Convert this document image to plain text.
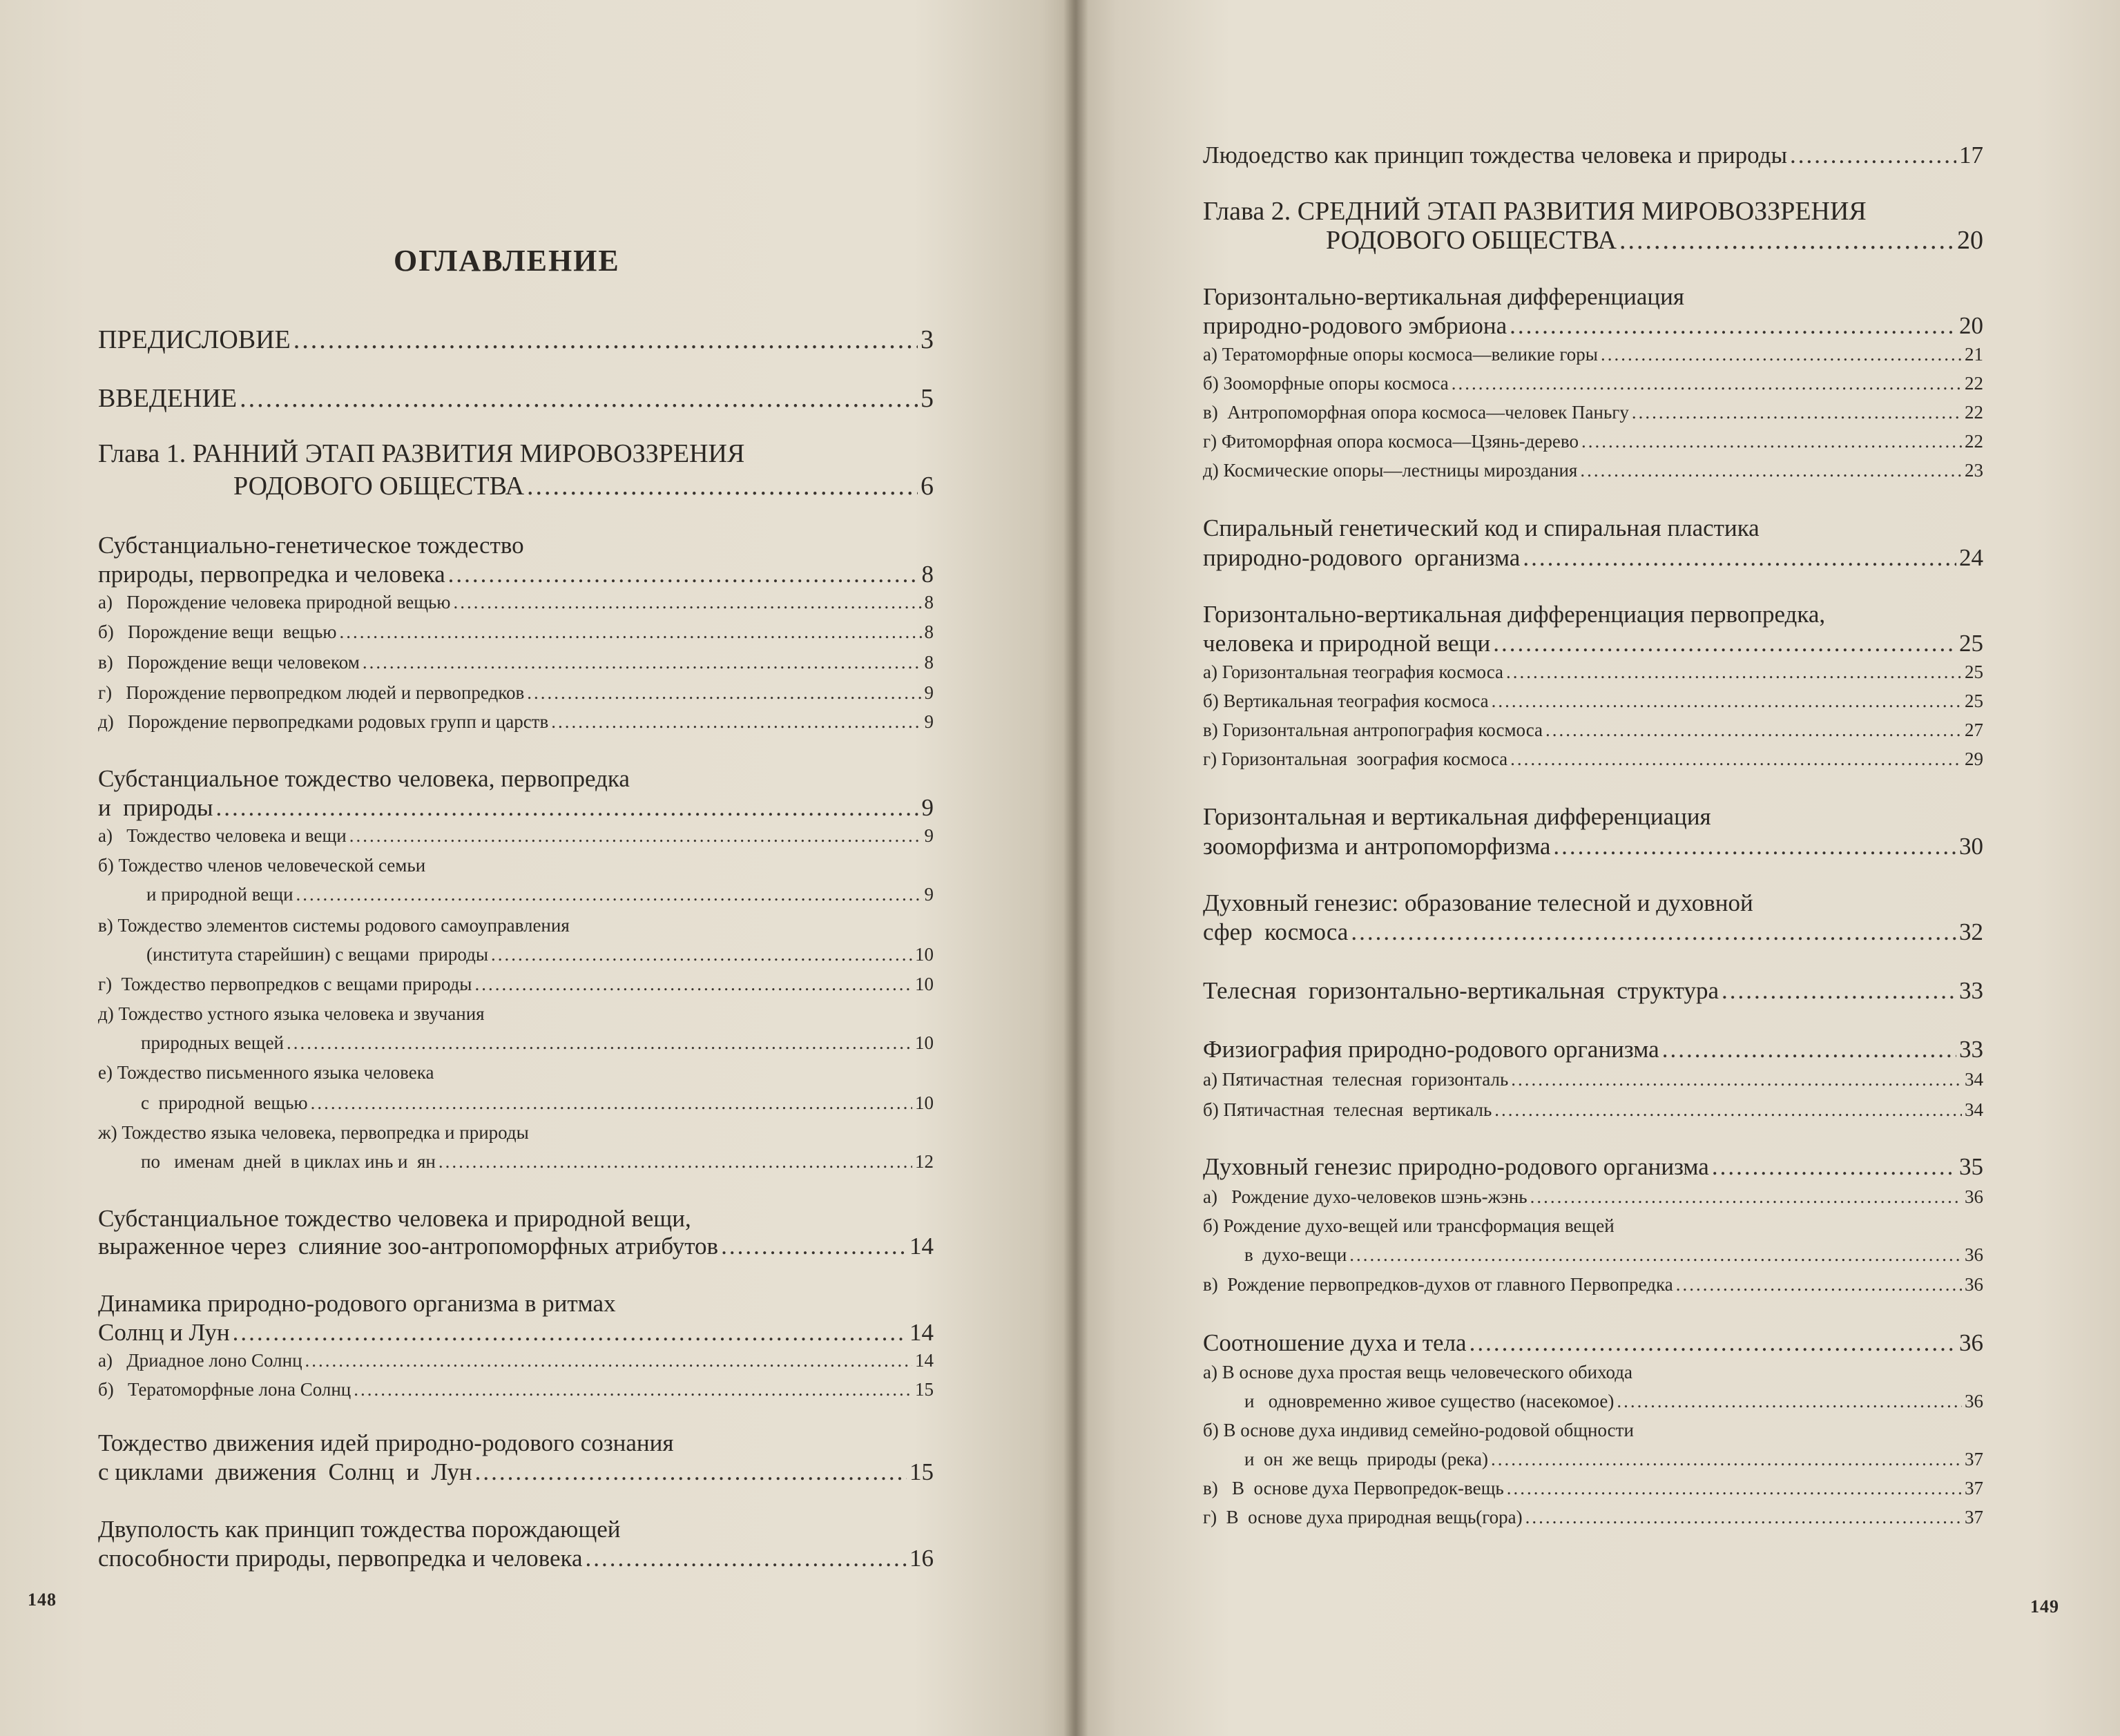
ОГЛАВЛЕНИЕ
ПРЕДИСЛОВИЕ .....	3
ВВЕДЕНИЕ .....	5
Глава 1. РАННИЙ ЭТАП РАЗВИТИЯ МИРОВОЗЗРЕНИЯ
РОДОВОГО ОБЩЕСТВА .....	6
Субстанциально-генетическое тождество
природы, первопредка и человека .....	8
а)   Порождение человека природной вещью .....	8
б)   Порождение вещи  вещью .....	8
в)   Порождение вещи человеком .....	8
г)   Порождение первопредком людей и первопредков .....	9
д)   Порождение первопредками родовых групп и царств .....	9
Субстанциальное тождество человека, первопредка
и  природы .....	9
а)   Тождество человека и вещи .....	9
б) Тождество членов человеческой семьи
и природной вещи .....	9
в) Тождество элементов системы родового самоуправления
(института старейшин) с вещами  природы .....	10
г)  Тождество первопредков с вещами природы .....	10
д) Тождество устного языка человека и звучания
природных вещей .....	10
е) Тождество письменного языка человека
с  природной  вещью .....	10
ж) Тождество языка человека, первопредка и природы
по   именам  дней  в циклах инь и  ян .....	12
Субстанциальное тождество человека и природной вещи,
выраженное через  слияние зоо-антропоморфных атрибутов .....	14
Динамика природно-родового организма в ритмах
Солнц и Лун .....	14
а)   Дриадное лоно Солнц .....	14
б)   Тератоморфные лона Солнц .....	15
Тождество движения идей природно-родового сознания
с циклами  движения  Солнц  и  Лун .....	15
Двуполость как принцип тождества порождающей
способности природы, первопредка и человека .....	16
148
Людоедство как принцип тождества человека и природы .....	17
Глава 2. СРЕДНИЙ ЭТАП РАЗВИТИЯ МИРОВОЗЗРЕНИЯ
РОДОВОГО ОБЩЕСТВА .....	20
Горизонтально-вертикальная дифференциация
природно-родового эмбриона .....	20
а) Тератоморфные опоры космоса—великие горы .....	21
б) Зооморфные опоры космоса .....	22
в)  Антропоморфная опора космоса—человек Паньгу .....	22
г) Фитоморфная опора космоса—Цзянь-дерево .....	22
д) Космические опоры—лестницы мироздания .....	23
Спиральный генетический код и спиральная пластика
природно-родового  организма .....	24
Горизонтально-вертикальная дифференциация первопредка,
человека и природной вещи .....	25
а) Горизонтальная теография космоса .....	25
б) Вертикальная теография космоса .....	25
в) Горизонтальная антропография космоса .....	27
г) Горизонтальная  зоография космоса .....	29
Горизонтальная и вертикальная дифференциация
зооморфизма и антропоморфизма .....	30
Духовный генезис: образование телесной и духовной
сфер  космоса .....	32
Телесная  горизонтально-вертикальная  структура .....	33
Физиография природно-родового организма .....	33
а) Пятичастная  телесная  горизонталь .....	34
б) Пятичастная  телесная  вертикаль .....	34
Духовный генезис природно-родового организма .....	35
а)   Рождение духо-человеков шэнь-жэнь .....	36
б) Рождение духо-вещей или трансформация вещей
в  духо-вещи .....	36
в)  Рождение первопредков-духов от главного Первопредка .....	36
Соотношение духа и тела .....	36
а) В основе духа простая вещь человеческого обихода
и   одновременно живое существо (насекомое) .....	36
б) В основе духа индивид семейно-родовой общности
и  он  же вещь  природы (река) .....	37
в)   В  основе духа Первопредок-вещь .....	37
г)  В  основе духа природная вещь(гора) .....	37
149
